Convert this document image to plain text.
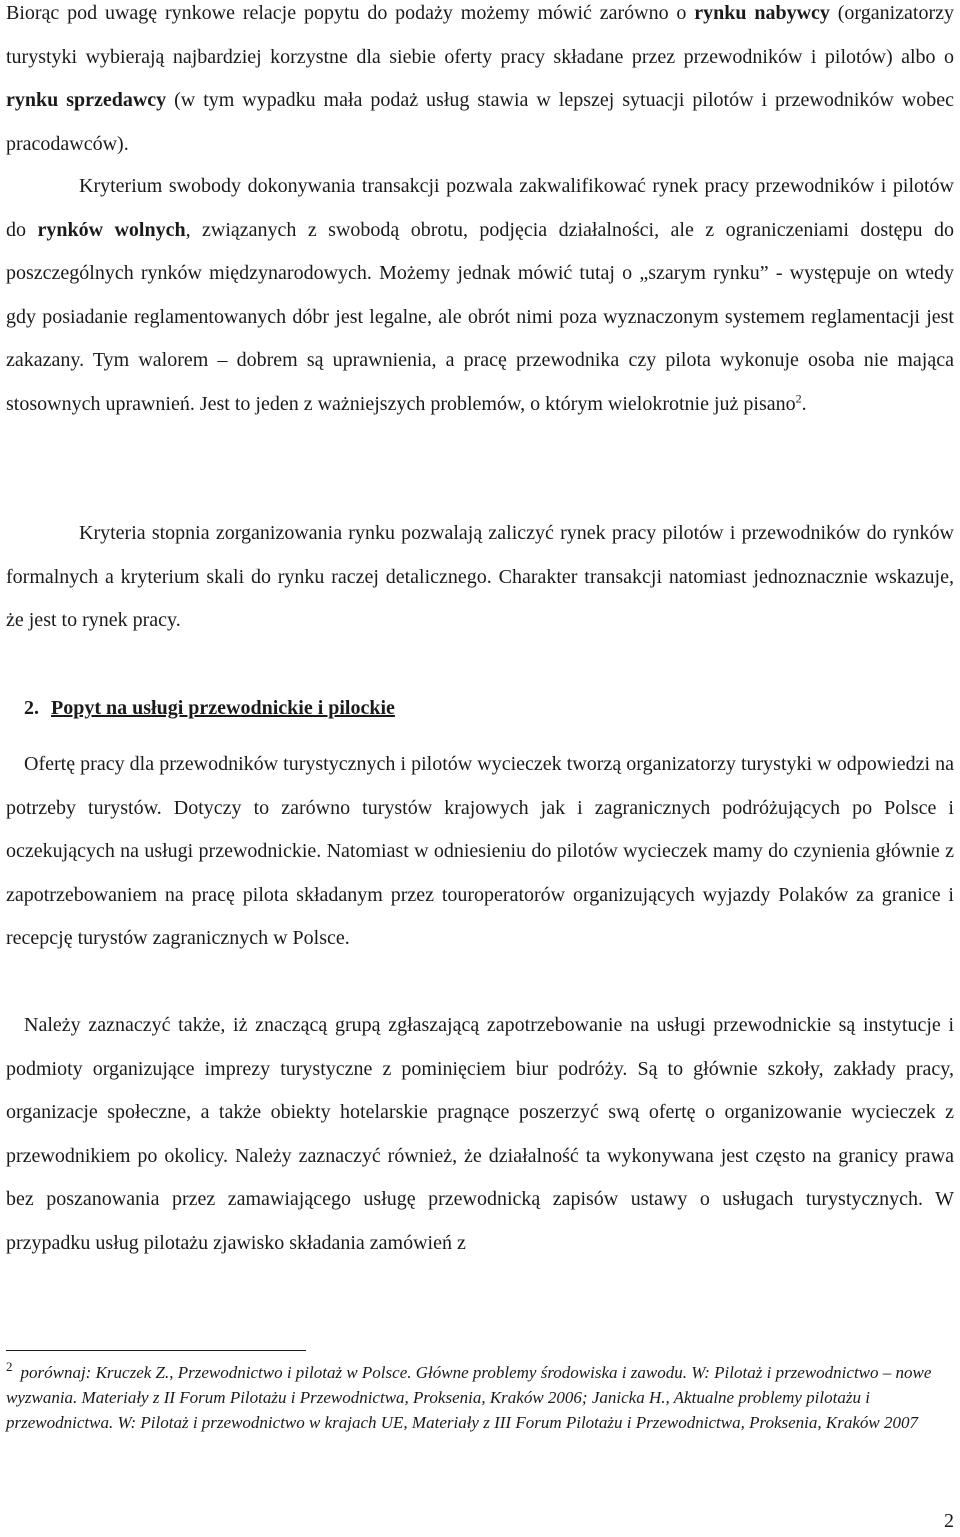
Biorąc pod uwagę rynkowe relacje popytu do podaży możemy mówić zarówno o rynku nabywcy (organizatorzy turystyki wybierają najbardziej korzystne dla siebie oferty pracy składane przez przewodników i pilotów) albo o rynku sprzedawcy (w tym wypadku mała podaż usług stawia w lepszej sytuacji pilotów i przewodników wobec pracodawców).

Kryterium swobody dokonywania transakcji pozwala zakwalifikować rynek pracy przewodników i pilotów do rynków wolnych, związanych z swobodą obrotu, podjęcia działalności, ale z ograniczeniami dostępu do poszczególnych rynków międzynarodowych. Możemy jednak mówić tutaj o „szarym rynku” - występuje on wtedy gdy posiadanie reglamentowanych dóbr jest legalne, ale obrót nimi poza wyznaczonym systemem reglamentacji jest zakazany. Tym walorem – dobrem są uprawnienia, a pracę przewodnika czy pilota wykonuje osoba nie mająca stosownych uprawnień. Jest to jeden z ważniejszych problemów, o którym wielokrotnie już pisano$^2$.

Kryteria stopnia zorganizowania rynku pozwalają zaliczyć rynek pracy pilotów i przewodników do rynków formalnych a kryterium skali do rynku raczej detalicznego. Charakter transakcji natomiast jednoznacznie wskazuje, że jest to rynek pracy.

2. Popyt na usługi przewodnickie i pilockie

Ofertę pracy dla przewodników turystycznych i pilotów wycieczek tworzą organizatorzy turystyki w odpowiedzi na potrzeby turystów. Dotyczy to zarówno turystów krajowych jak i zagranicznych podróżujących po Polsce i oczekujących na usługi przewodnickie. Natomiast w odniesieniu do pilotów wycieczek mamy do czynienia głównie z zapotrzebowaniem na pracę pilota składanym przez touroperatorów organizujących wyjazdy Polaków za granice i recepcję turystów zagranicznych w Polsce.

Należy zaznaczyć także, iż znaczącą grupą zgłaszającą zapotrzebowanie na usługi przewodnickie są instytucje i podmioty organizujące imprezy turystyczne z pominięciem biur podróży. Są to głównie szkoły, zakłady pracy, organizacje społeczne, a także obiekty hotelarskie pragnące poszerzyć swą ofertę o organizowanie wycieczek z przewodnikiem po okolicy. Należy zaznaczyć również, że działalność ta wykonywana jest często na granicy prawa bez poszanowania przez zamawiającego usługę przewodnicką zapisów ustawy o usługach turystycznych. W przypadku usług pilotażu zjawisko składania zamówień z

$^2$ porównaj: Kruczek Z., Przewodnictwo i pilotaż w Polsce. Główne problemy środowiska i zawodu. W: Pilotaż i przewodnictwo – nowe wyzwania. Materiały z II Forum Pilotażu i Przewodnictwa, Proksenia, Kraków 2006; Janicka H., Aktualne problemy pilotażu i przewodnictwa. W: Pilotaż i przewodnictwo w krajach UE, Materiały z III Forum Pilotażu i Przewodnictwa, Proksenia, Kraków 2007

2
